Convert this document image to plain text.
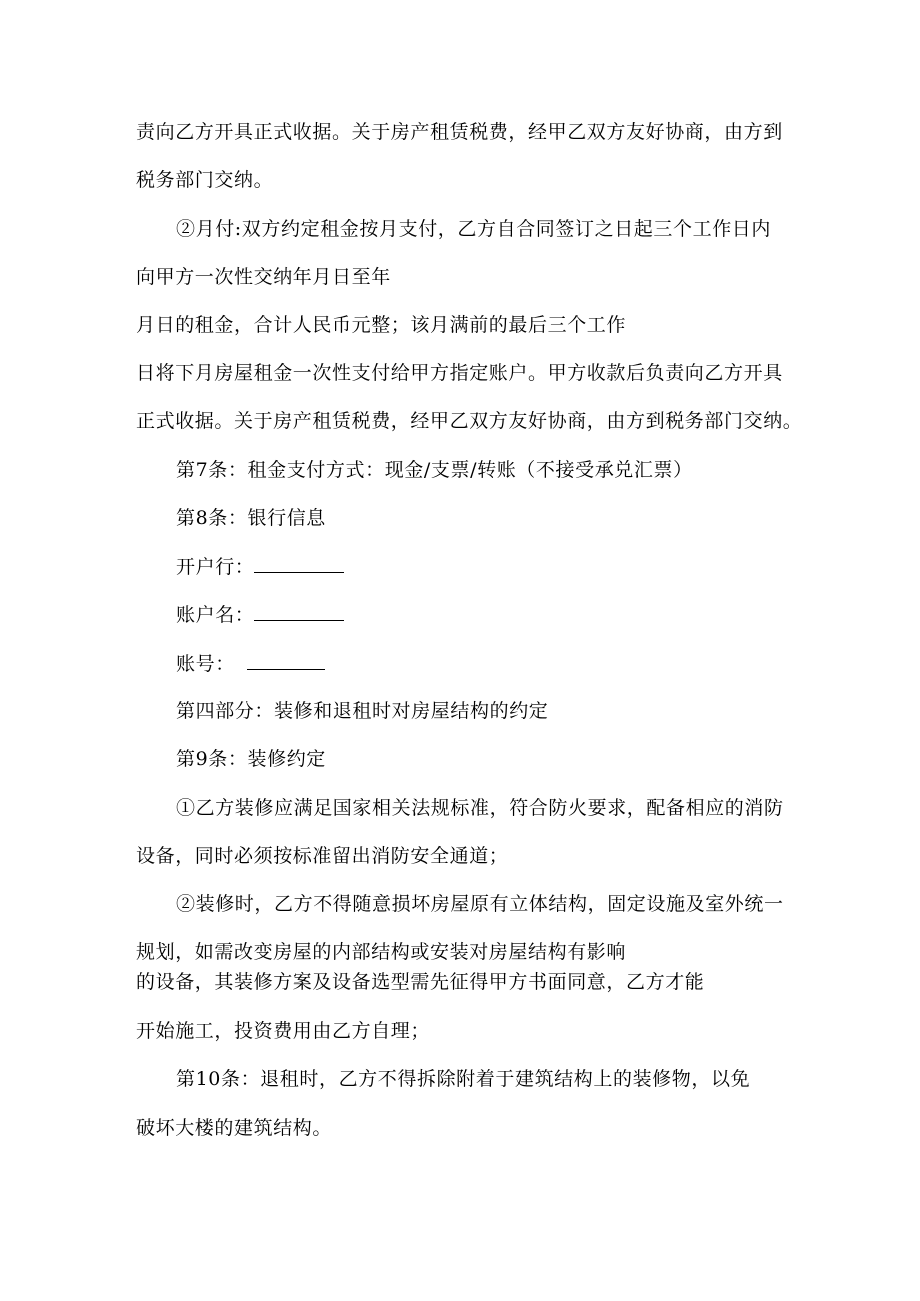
责向乙方开具正式收据。关于房产租赁税费，经甲乙双方友好协商，由方到
税务部门交纳。
②月付:双方约定租金按月支付，乙方自合同签订之日起三个工作日内
向甲方一次性交纳年月日至年
月日的租金，合计人民币元整；该月满前的最后三个工作
日将下月房屋租金一次性支付给甲方指定账户。甲方收款后负责向乙方开具
正式收据。关于房产租赁税费，经甲乙双方友好协商，由方到税务部门交纳。
第7条：租金支付方式：现金/支票/转账（不接受承兑汇票）
第8条：银行信息
开户行：
账户名：
账号：
第四部分：装修和退租时对房屋结构的约定
第9条：装修约定
①乙方装修应满足国家相关法规标准，符合防火要求，配备相应的消防
设备，同时必须按标准留出消防安全通道；
②装修时，乙方不得随意损坏房屋原有立体结构，固定设施及室外统一
规划，如需改变房屋的内部结构或安装对房屋结构有影响
的设备，其装修方案及设备选型需先征得甲方书面同意，乙方才能
开始施工，投资费用由乙方自理；
第10条：退租时，乙方不得拆除附着于建筑结构上的装修物，以免
破坏大楼的建筑结构。
